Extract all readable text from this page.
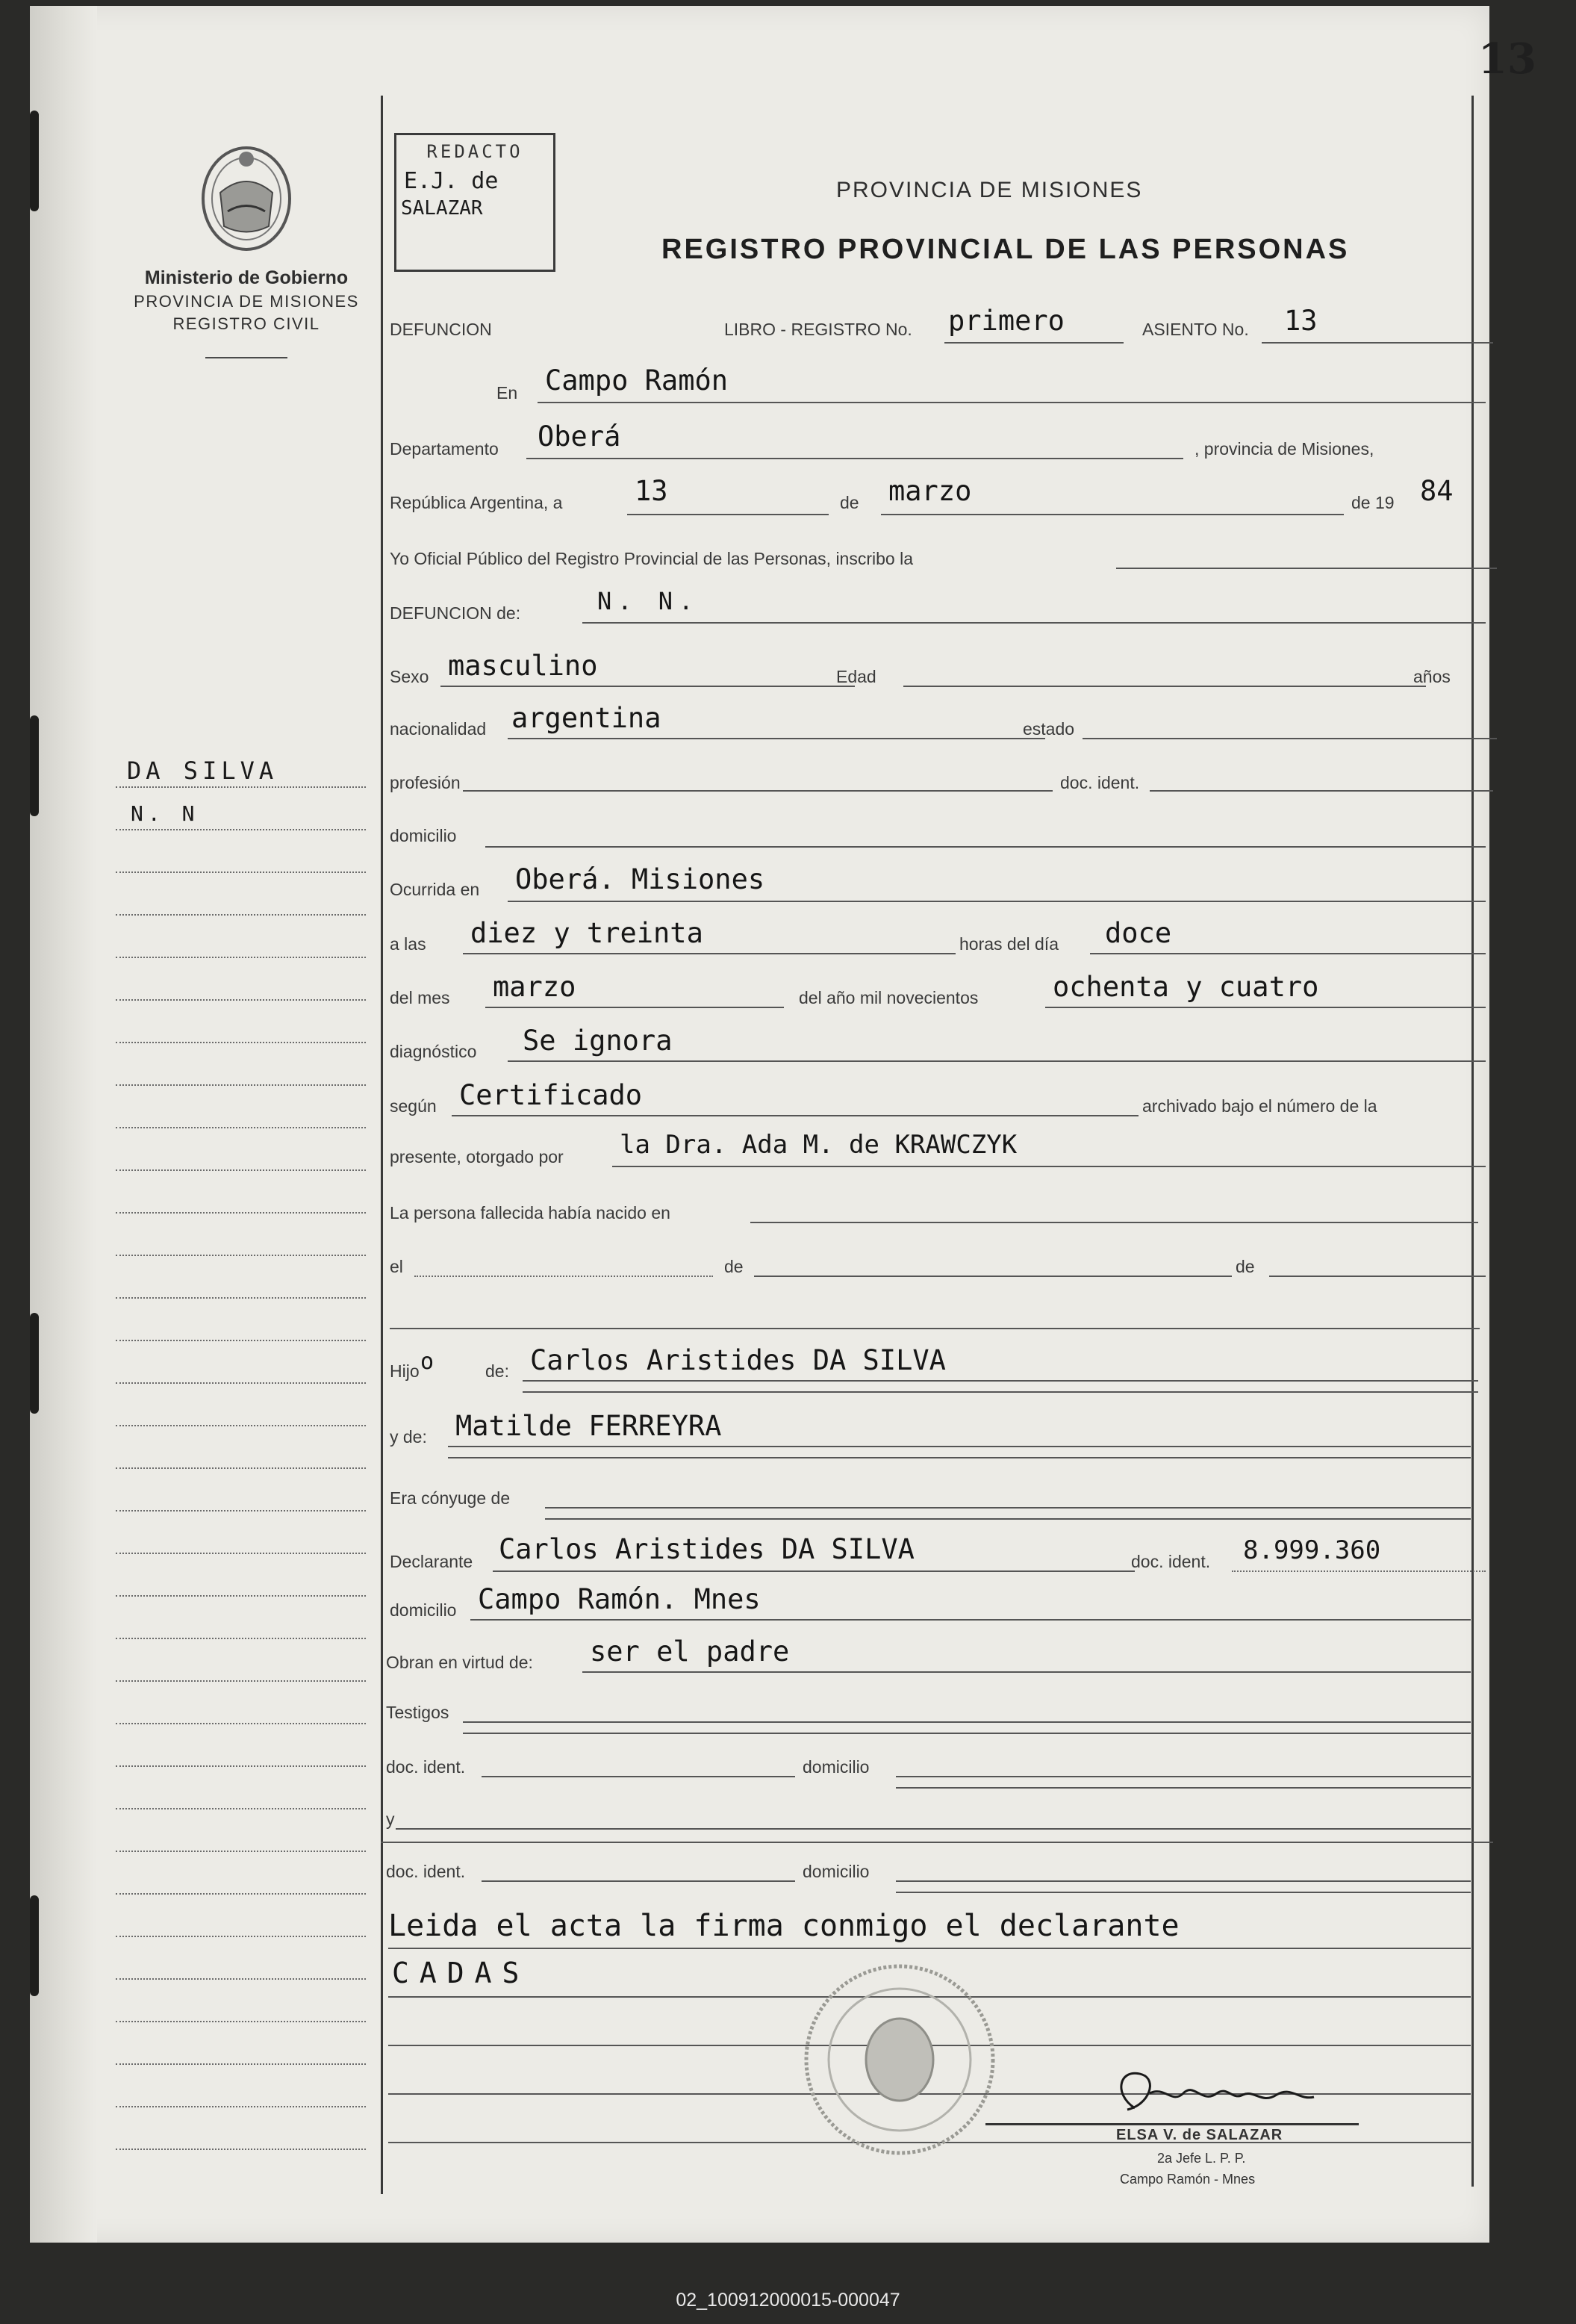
13
Ministerio de Gobierno
PROVINCIA DE MISIONES
REGISTRO CIVIL
REDACTO
E.J. de
SALAZAR
PROVINCIA DE MISIONES
REGISTRO PROVINCIAL DE LAS PERSONAS
DA SILVA
N. N
DEFUNCION	LIBRO - REGISTRO No. primero	ASIENTO No. 13
En Campo Ramón
Departamento Oberá	, provincia de Misiones,
República Argentina, a	13	de marzo	de 19 84
Yo Oficial Público del Registro Provincial de las Personas, inscribo la
DEFUNCION de:	N. N.
Sexo masculino	Edad	años
nacionalidad argentina	estado
profesión	doc. ident.
domicilio
Ocurrida en Oberá. Misiones
a las diez y treinta	horas del día doce
del mes marzo	del año mil novecientos	ochenta y cuatro
diagnóstico Se ignora
según Certificado	archivado bajo el número de la
presente, otorgado por la Dra. Ada M. de KRAWCZYK
La persona fallecida había nacido en
el	de	de
Hijo o	de: Carlos Aristides DA SILVA
y de: Matilde FERREYRA
Era cónyuge de
Declarante Carlos Aristides DA SILVA	doc. ident. 8.999.360
domicilio Campo Ramón. Mnes
Obran en virtud de: ser el padre
Testigos
doc. ident.	domicilio
y
doc. ident.	domicilio
Leida el acta la firma conmigo el declarante
CADAS
ELSA V. de SALAZAR
2a Jefe L. P. P.
Campo Ramón - Mnes
02_100912000015-000047
